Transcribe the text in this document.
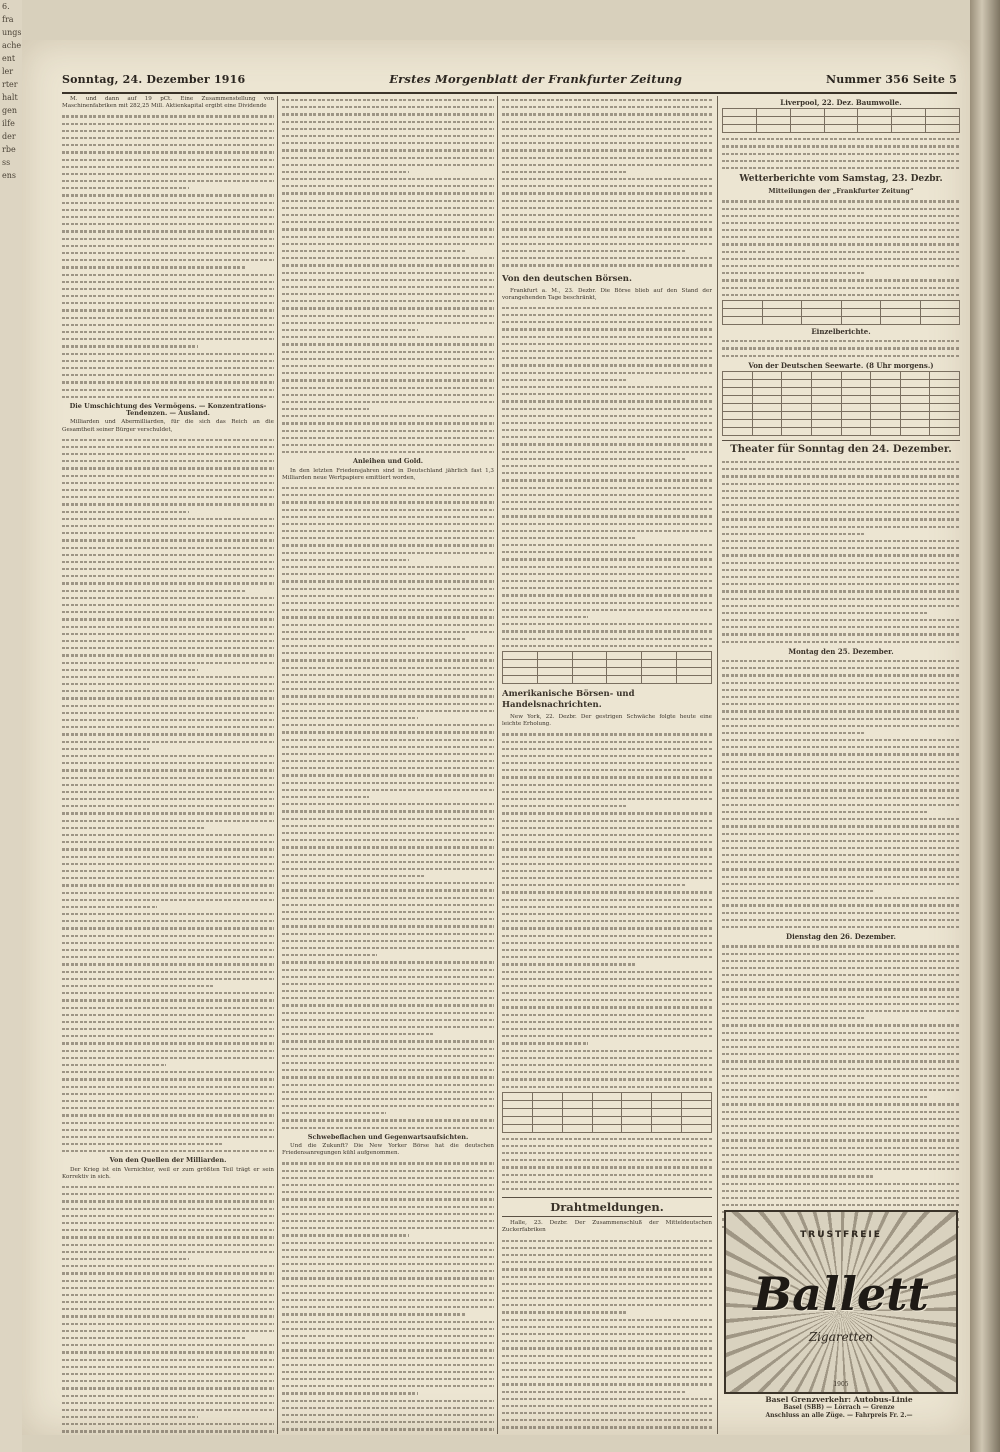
6.
fra
ungs
ache
ent
ler
rter
halt
gen
ilfe
der
rbe
ss
ens
Sonntag, 24. Dezember 1916	Erstes Morgenblatt der Frankfurter Zeitung	Nummer 356 Seite 5

M. und dann auf 19 pCt. Eine Zusammenstellung von Maschinenfabriken mit 282,25 Mill. Aktienkapital ergibt eine Dividende

Die Umschichtung des Vermögens. — Konzentrations-Tendenzen. — Ausland.

Milliarden und Abermilliarden, für die sich das Reich an die Gesamtheit seiner Bürger verschuldet,

Von den Quellen der Milliarden.

Der Krieg ist ein Vernichter, weil er zum größten Teil trägt er sein Korrektiv in sich.

Anleihen und Gold.

In den letzten Friedensjahren sind in Deutschland jährlich fast 1,3 Milliarden neue Wertpapiere emittiert worden,

Schwebeflachen und Gegenwartsaufsichten.

Und die Zukunft? Die New Yorker Börse hat die deutschen Friedensanregungen kühl aufgenommen.

Von den deutschen Börsen.

Frankfurt a. M., 23. Dezbr. Die Börse blieb auf den Stand der vorangehenden Tage beschränkt,

Amerikanische Börsen- und Handelsnachrichten.

New York, 22. Dezbr. Der gestrigen Schwäche folgte heute eine leichte Erholung.

Drahtmeldungen.

Halle, 23. Dezbr. Der Zusammenschluß der Mitteldeutschen Zuckerfabriken

Liverpool, 22. Dez. Baumwolle.

Wetterberichte vom Samstag, 23. Dezbr.
Mitteilungen der „Frankfurter Zeitung“

Einzelberichte.
Von der Deutschen Seewarte. (8 Uhr morgens.)

Theater für Sonntag den 24. Dezember.
Montag den 25. Dezember.
Dienstag den 26. Dezember.
TRUSTFREIE
Ballett
Zigaretten
1905
Basel Grenzverkehr: Autobus-Linie
Basel (SBB) — Lörrach — Grenze
Anschluss an alle Züge. — Fahrpreis Fr. 2.—
